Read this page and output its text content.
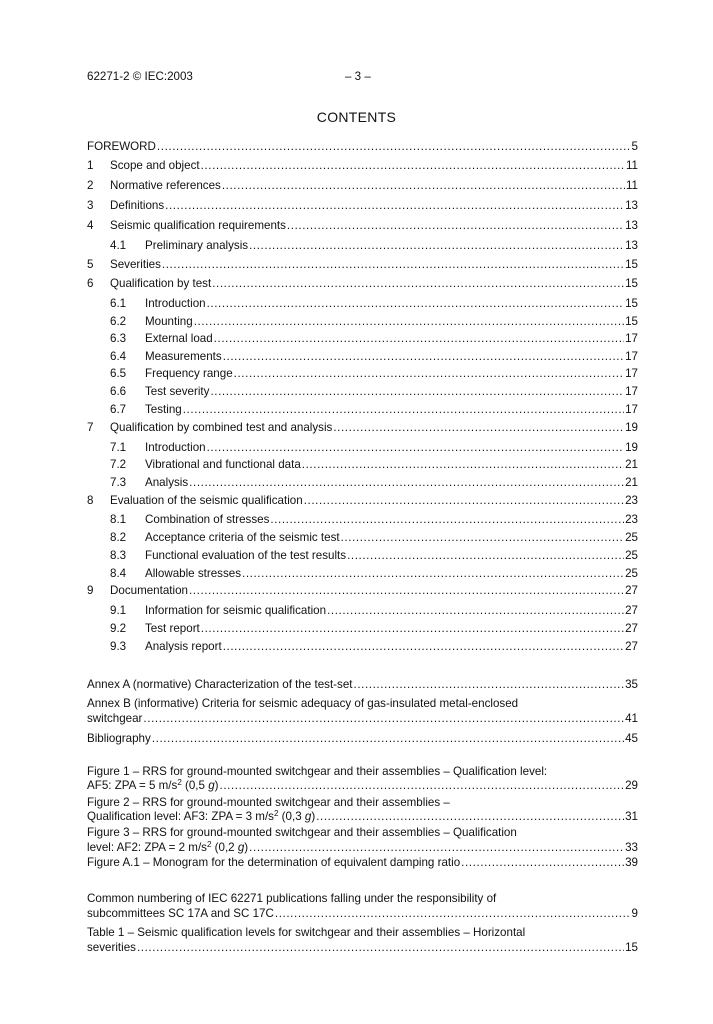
62271-2 © IEC:2003	– 3 –
CONTENTS
FOREWORD .....	5
1	Scope and object .....	11
2	Normative references .....	11
3	Definitions .....	13
4	Seismic qualification requirements .....	13
4.1	Preliminary analysis .....	13
5	Severities .....	15
6	Qualification by test .....	15
6.1	Introduction .....	15
6.2	Mounting .....	15
6.3	External load .....	17
6.4	Measurements .....	17
6.5	Frequency range .....	17
6.6	Test severity .....	17
6.7	Testing .....	17
7	Qualification by combined test and analysis .....	19
7.1	Introduction .....	19
7.2	Vibrational and functional data .....	21
7.3	Analysis .....	21
8	Evaluation of the seismic qualification .....	23
8.1	Combination of stresses .....	23
8.2	Acceptance criteria of the seismic test .....	25
8.3	Functional evaluation of the test results .....	25
8.4	Allowable stresses .....	25
9	Documentation .....	27
9.1	Information for seismic qualification .....	27
9.2	Test report .....	27
9.3	Analysis report .....	27
Annex A (normative) Characterization of the test-set .....	35
Annex B (informative) Criteria for seismic adequacy of gas-insulated metal-enclosed
switchgear .....	41
Bibliography .....	45
Figure 1 – RRS for ground-mounted switchgear and their assemblies – Qualification level:
AF5: ZPA = 5 $m/s^2$ (0,5 g) .....	29
Figure 2 – RRS for ground-mounted switchgear and their assemblies –
Qualification level: AF3: ZPA = 3 $m/s^2$ (0,3 g) .....	31
Figure 3 – RRS for ground-mounted switchgear and their assemblies – Qualification
level: AF2: ZPA = 2 $m/s^2$ (0,2 g) .....	33
Figure A.1 – Monogram for the determination of equivalent damping ratio .....	39
Common numbering of IEC 62271 publications falling under the responsibility of
subcommittees SC 17A and SC 17C .....	9
Table 1 – Seismic qualification levels for switchgear and their assemblies – Horizontal
severities .....	15
